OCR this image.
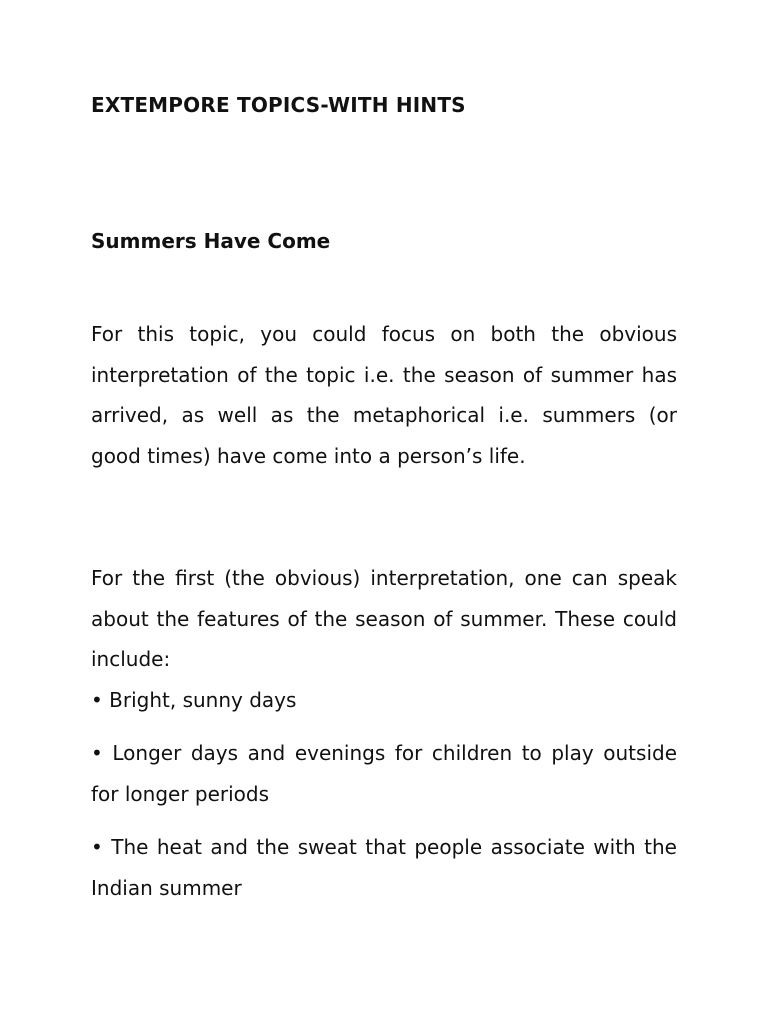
EXTEMPORE TOPICS-WITH HINTS
Summers Have Come

For this topic, you could focus on both the obvious interpretation of the topic i.e. the season of summer has arrived, as well as the metaphorical i.e. summers (or good times) have come into a person’s life.

For the first (the obvious) interpretation, one can speak about the features of the season of summer. These could include:

• Bright, sunny days

• Longer days and evenings for children to play outside for longer periods

• The heat and the sweat that people associate with the Indian summer
